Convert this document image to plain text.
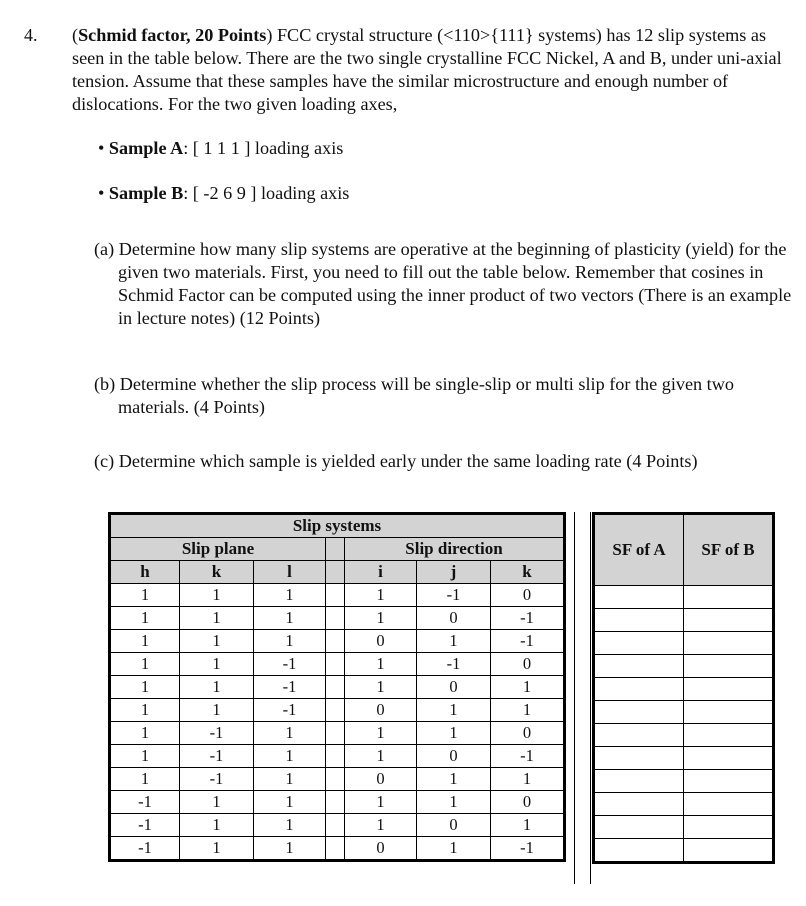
4. (Schmid factor, 20 Points) FCC crystal structure (<110>{111} systems) has 12 slip systems as seen in the table below. There are the two single crystalline FCC Nickel, A and B, under uni-axial tension. Assume that these samples have the similar microstructure and enough number of dislocations. For the two given loading axes,
• Sample A: [ 1 1 1 ] loading axis
• Sample B: [ -2 6 9 ] loading axis
(a) Determine how many slip systems are operative at the beginning of plasticity (yield) for the given two materials. First, you need to fill out the table below. Remember that cosines in Schmid Factor can be computed using the inner product of two vectors (There is an example in lecture notes) (12 Points)
(b) Determine whether the slip process will be single-slip or multi slip for the given two materials. (4 Points)
(c) Determine which sample is yielded early under the same loading rate (4 Points)
Slip systems						
Slip plane				Slip direction		
h	k	l		i	j	k
1	1	1		1	-1	0
1	1	1		1	0	-1
1	1	1		0	1	-1
1	1	-1		1	-1	0
1	1	-1		1	0	1
1	1	-1		0	1	1
1	-1	1		1	1	0
1	-1	1		1	0	-1
1	-1	1		0	1	1
-1	1	1		1	1	0
-1	1	1		1	0	1
-1	1	1		0	1	-1
SF of A	SF of B
